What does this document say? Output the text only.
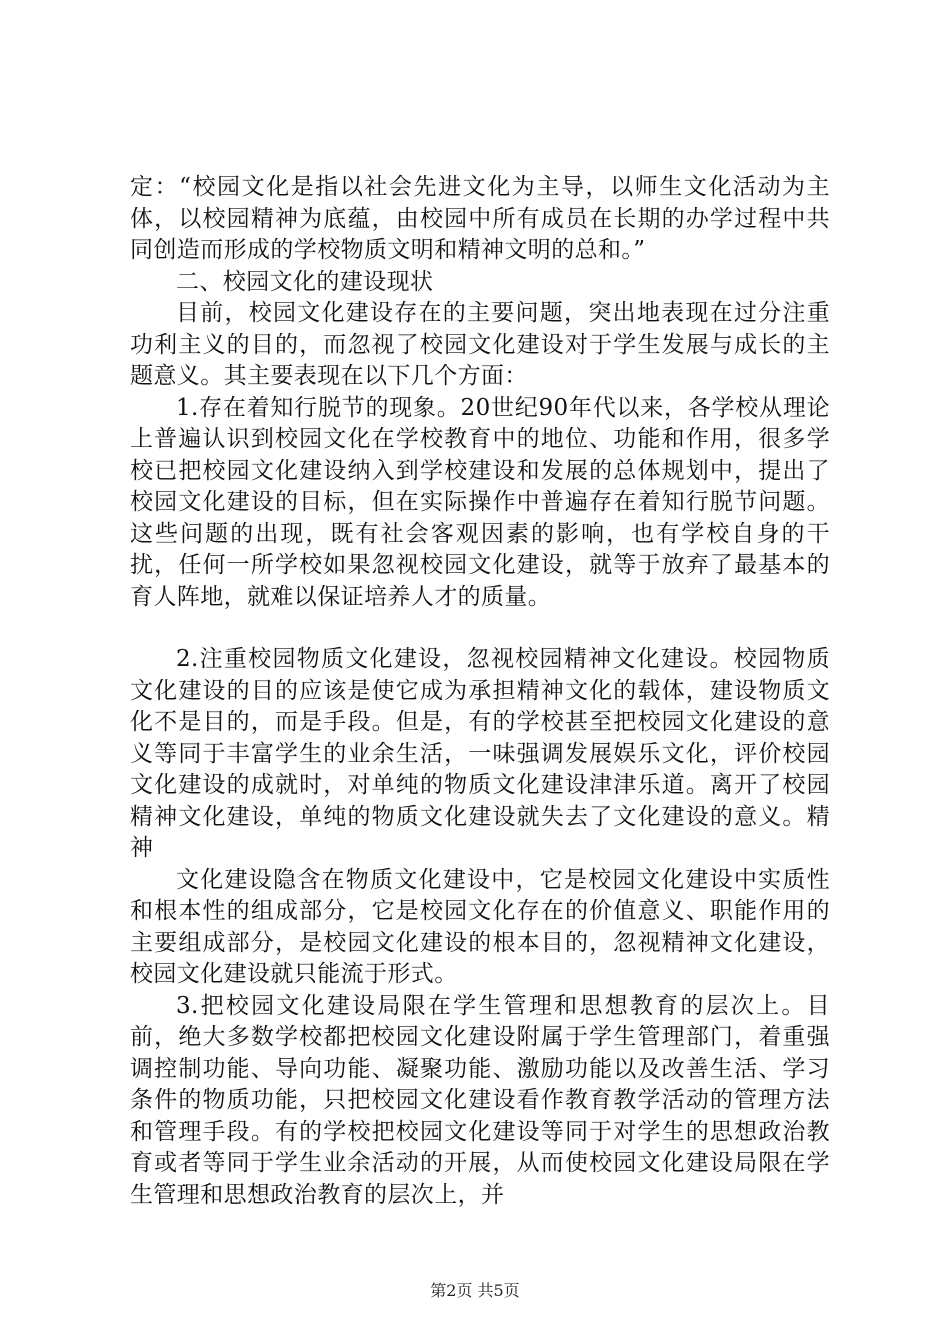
定：“校园文化是指以社会先进文化为主导，以师生文化活动为主体，以校园精神为底蕴，由校园中所有成员在长期的办学过程中共同创造而形成的学校物质文明和精神文明的总和。”

二、校园文化的建设现状

目前，校园文化建设存在的主要问题，突出地表现在过分注重功利主义的目的，而忽视了校园文化建设对于学生发展与成长的主题意义。其主要表现在以下几个方面：

1.存在着知行脱节的现象。20世纪90年代以来，各学校从理论上普遍认识到校园文化在学校教育中的地位、功能和作用，很多学校已把校园文化建设纳入到学校建设和发展的总体规划中，提出了校园文化建设的目标，但在实际操作中普遍存在着知行脱节问题。这些问题的出现，既有社会客观因素的影响，也有学校自身的干扰，任何一所学校如果忽视校园文化建设，就等于放弃了最基本的育人阵地，就难以保证培养人才的质量。

2.注重校园物质文化建设，忽视校园精神文化建设。校园物质文化建设的目的应该是使它成为承担精神文化的载体，建设物质文化不是目的，而是手段。但是，有的学校甚至把校园文化建设的意义等同于丰富学生的业余生活，一味强调发展娱乐文化，评价校园文化建设的成就时，对单纯的物质文化建设津津乐道。离开了校园精神文化建设，单纯的物质文化建设就失去了文化建设的意义。精神

文化建设隐含在物质文化建设中，它是校园文化建设中实质性和根本性的组成部分，它是校园文化存在的价值意义、职能作用的主要组成部分，是校园文化建设的根本目的，忽视精神文化建设，校园文化建设就只能流于形式。

3.把校园文化建设局限在学生管理和思想教育的层次上。目前，绝大多数学校都把校园文化建设附属于学生管理部门，着重强调控制功能、导向功能、凝聚功能、激励功能以及改善生活、学习条件的物质功能，只把校园文化建设看作教育教学活动的管理方法和管理手段。有的学校把校园文化建设等同于对学生的思想政治教育或者等同于学生业余活动的开展，从而使校园文化建设局限在学生管理和思想政治教育的层次上，并

第2页 共5页
